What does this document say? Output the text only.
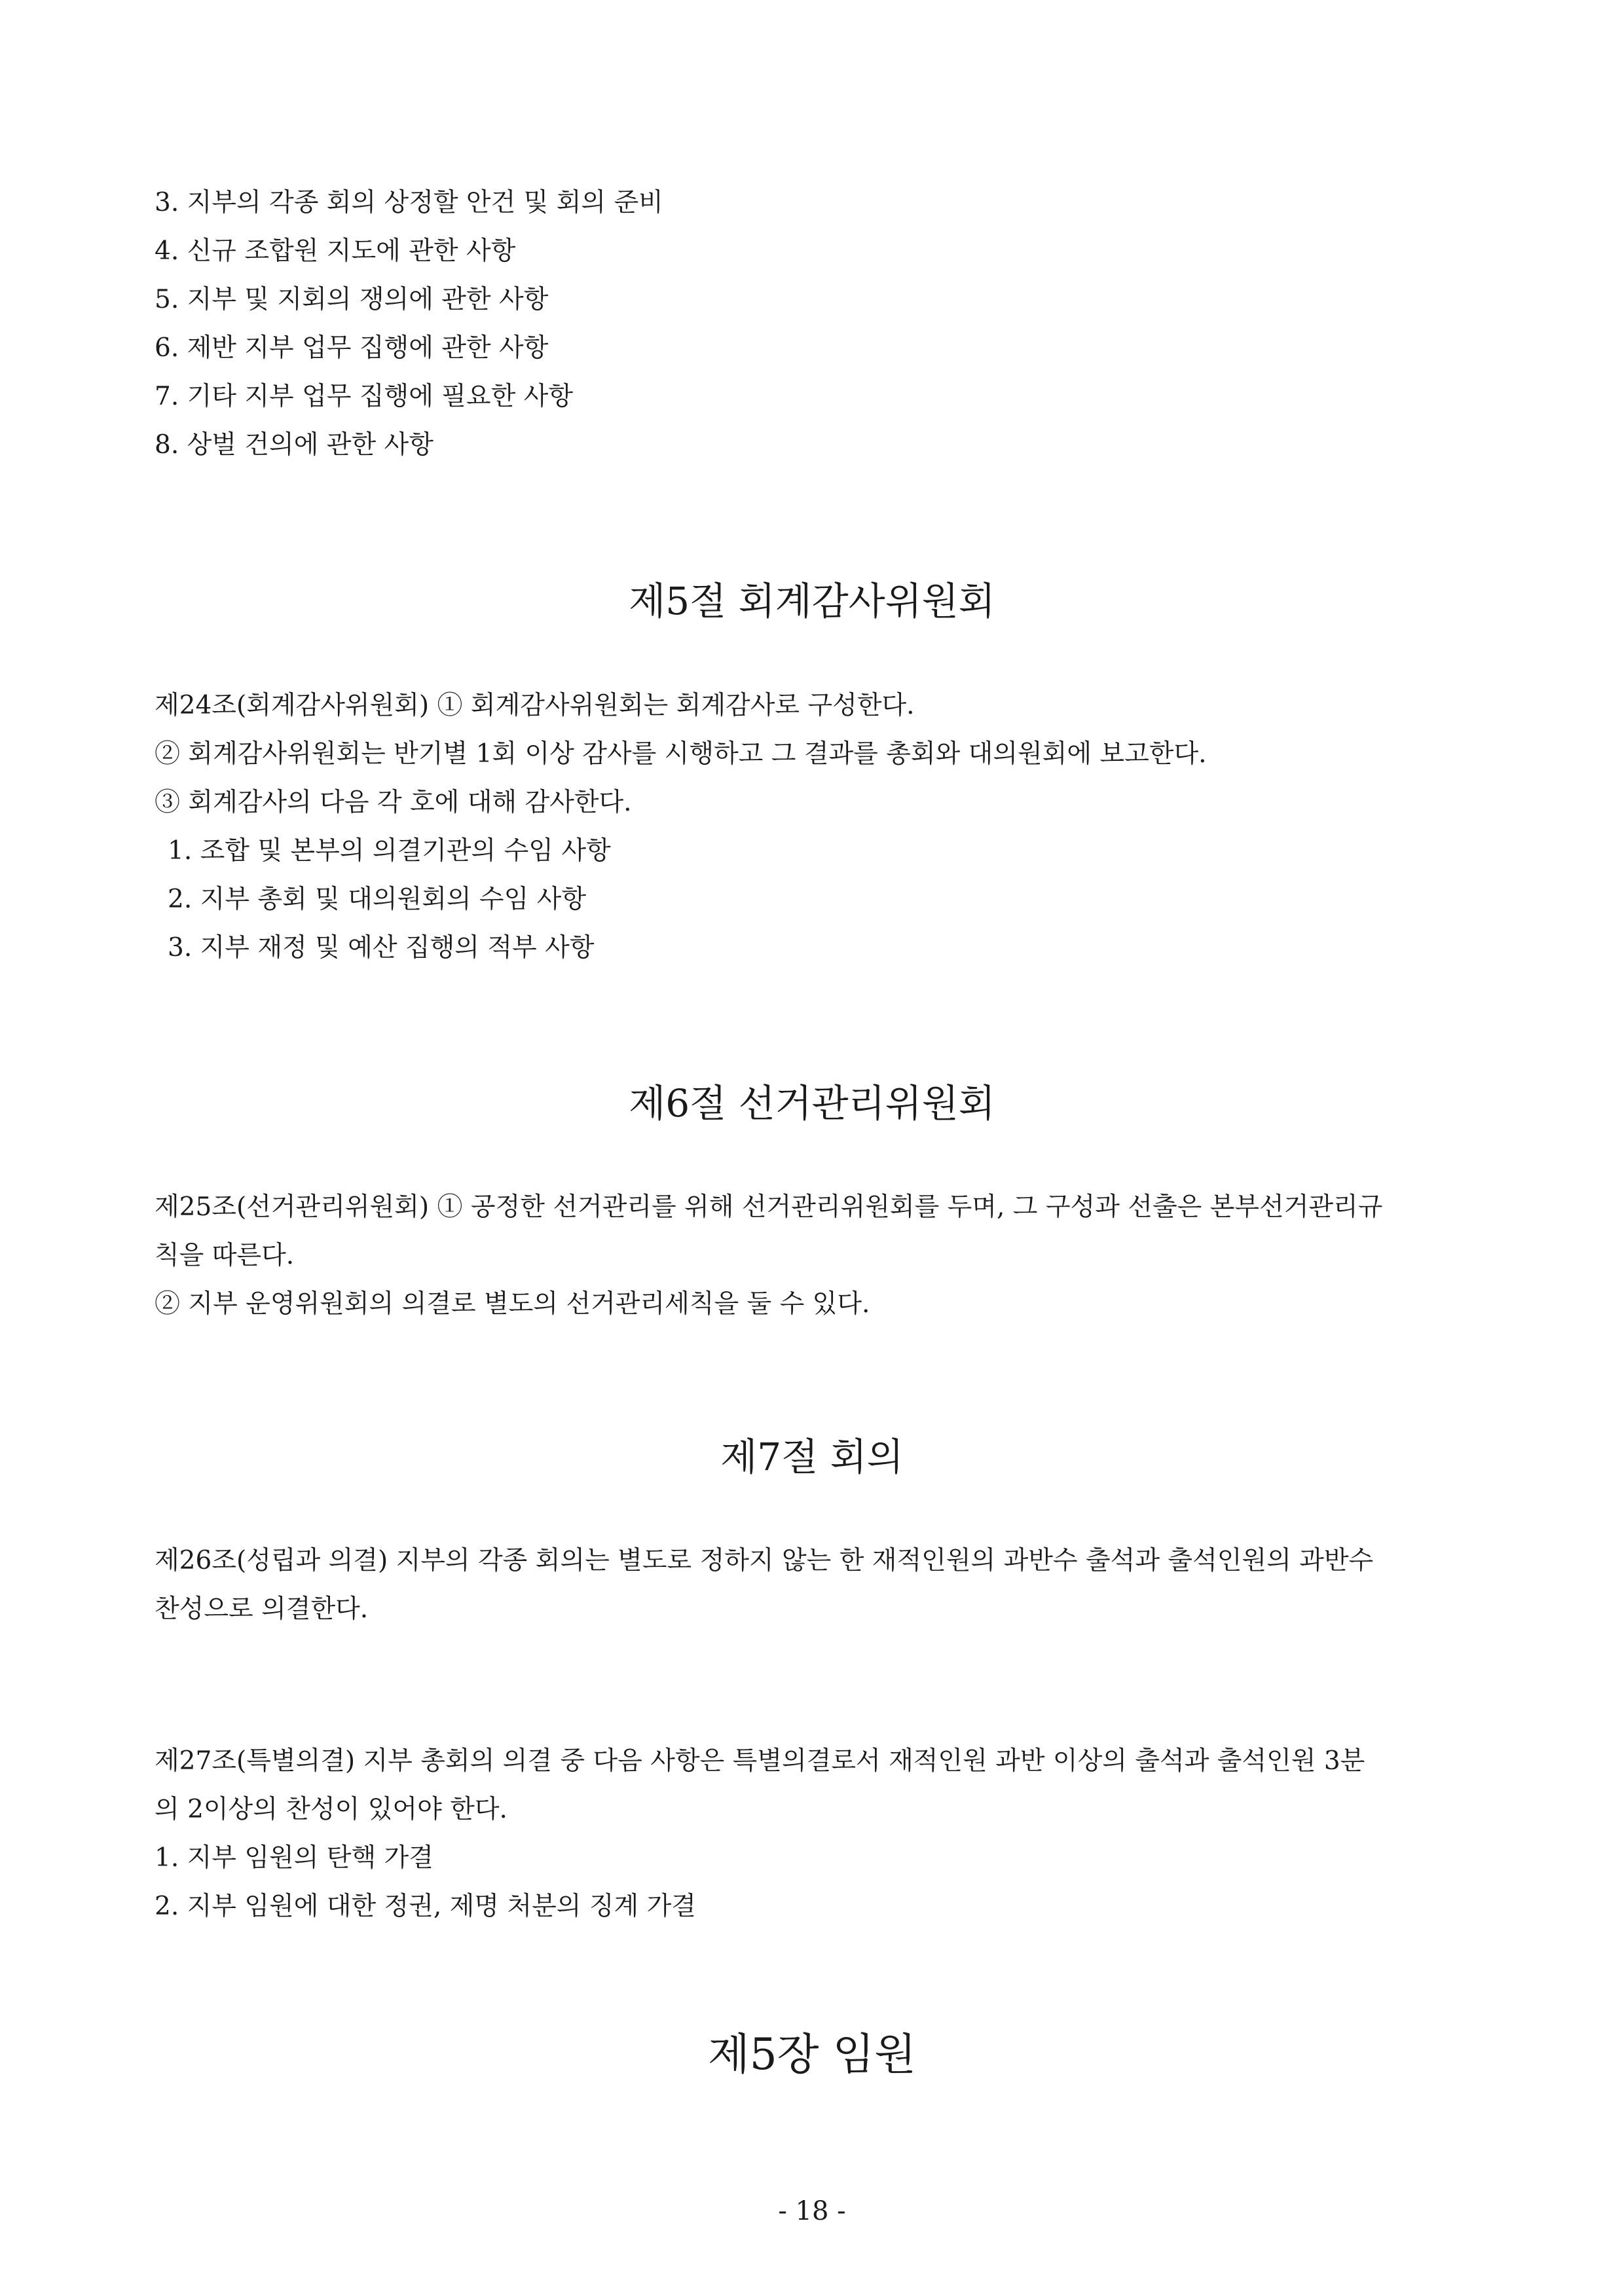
3. 지부의 각종 회의 상정할 안건 및 회의 준비
4. 신규 조합원 지도에 관한 사항
5. 지부 및 지회의 쟁의에 관한 사항
6. 제반 지부 업무 집행에 관한 사항
7. 기타 지부 업무 집행에 필요한 사항
8. 상벌 건의에 관한 사항
제5절 회계감사위원회
제24조(회계감사위원회) ① 회계감사위원회는 회계감사로 구성한다.
② 회계감사위원회는 반기별 1회 이상 감사를 시행하고 그 결과를 총회와 대의원회에 보고한다.
③ 회계감사의 다음 각 호에 대해 감사한다.
1. 조합 및 본부의 의결기관의 수임 사항
2. 지부 총회 및 대의원회의 수임 사항
3. 지부 재정 및 예산 집행의 적부 사항
제6절 선거관리위원회
제25조(선거관리위원회) ① 공정한 선거관리를 위해 선거관리위원회를 두며, 그 구성과 선출은 본부선거관리규
칙을 따른다.
② 지부 운영위원회의 의결로 별도의 선거관리세칙을 둘 수 있다.
제7절 회의
제26조(성립과 의결) 지부의 각종 회의는 별도로 정하지 않는 한 재적인원의 과반수 출석과 출석인원의 과반수
찬성으로 의결한다.
제27조(특별의결) 지부 총회의 의결 중 다음 사항은 특별의결로서 재적인원 과반 이상의 출석과 출석인원 3분
의 2이상의 찬성이 있어야 한다.
1. 지부 임원의 탄핵 가결
2. 지부 임원에 대한 정권, 제명 처분의 징계 가결
제5장 임원
- 18 -
